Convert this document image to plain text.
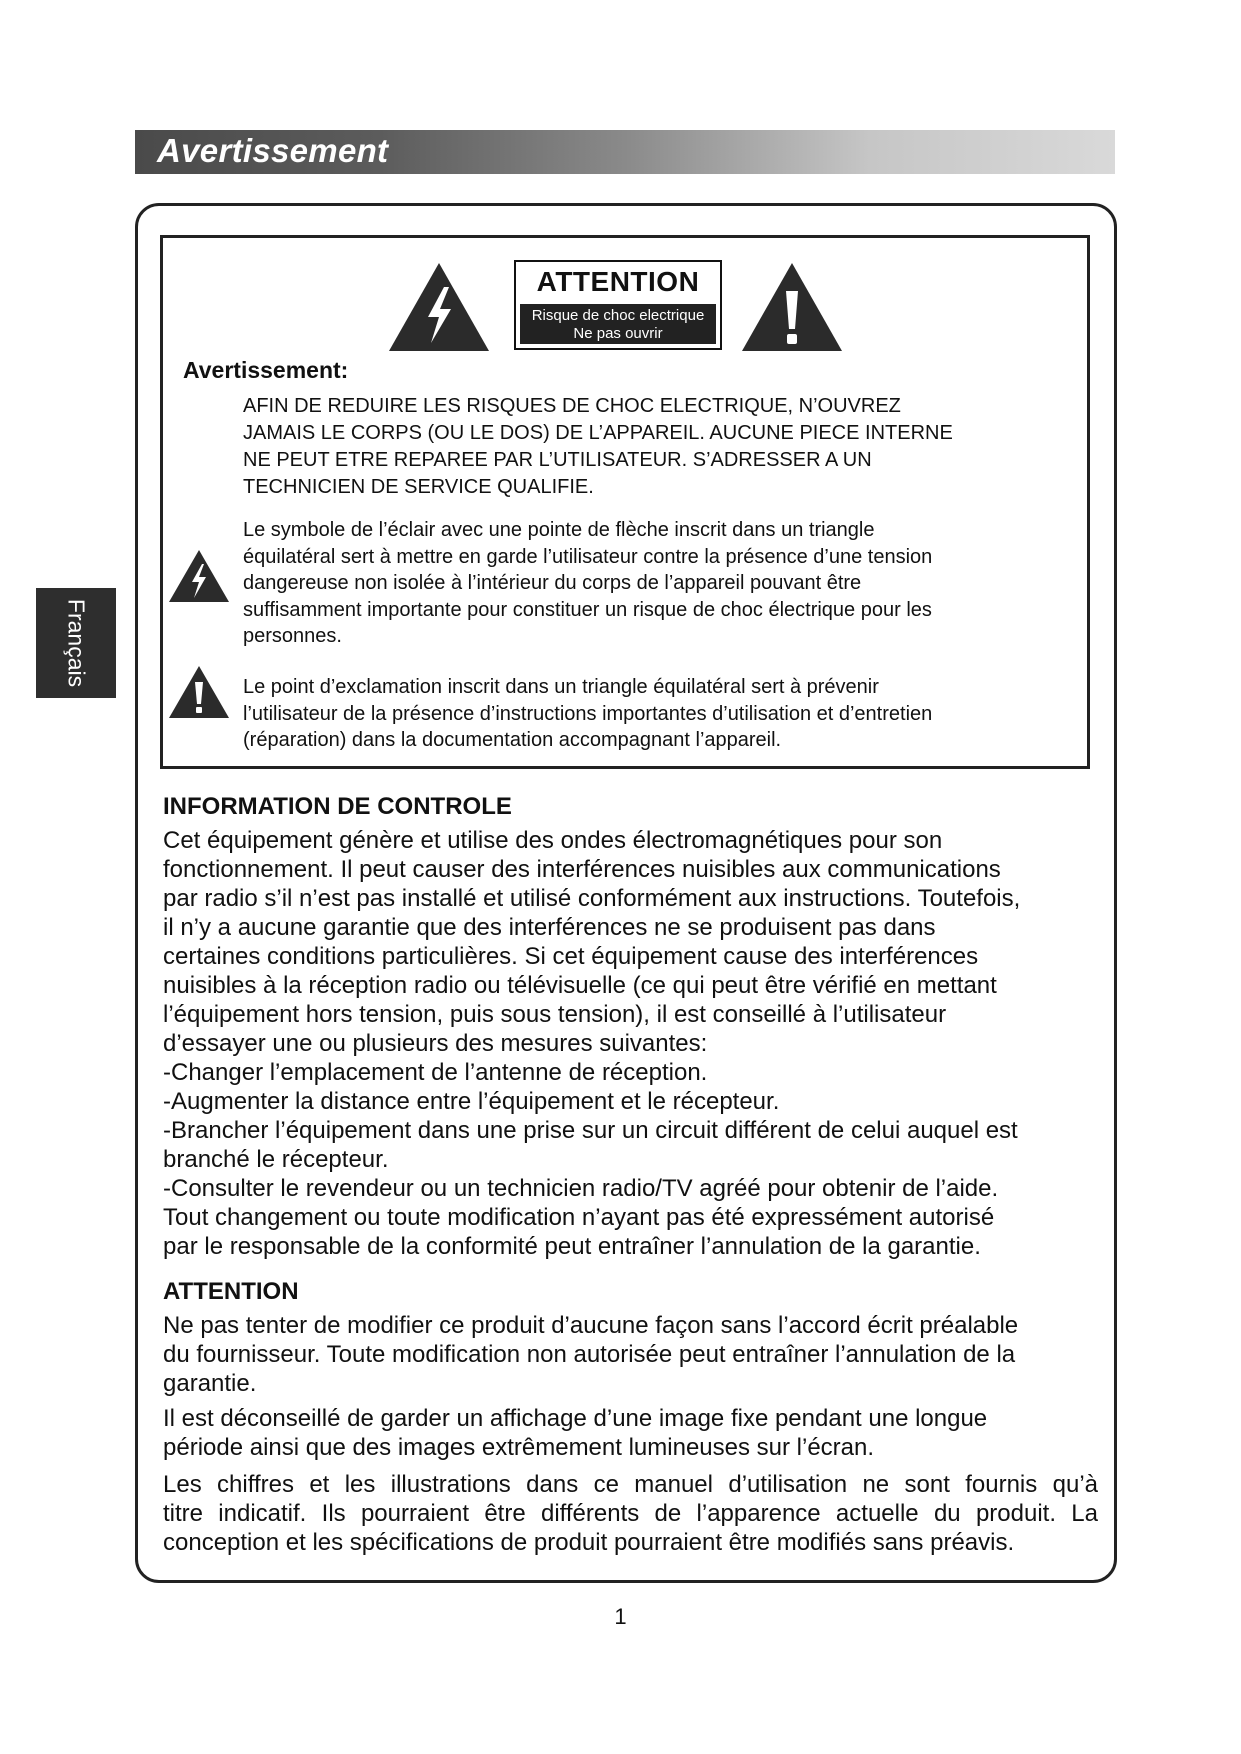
Avertissement
Français
ATTENTION
Risque de choc electrique
Ne pas ouvrir
Avertissement:
AFIN DE REDUIRE LES RISQUES DE CHOC ELECTRIQUE, N’OUVREZ
JAMAIS LE CORPS (OU LE DOS) DE L’APPAREIL. AUCUNE PIECE INTERNE
NE PEUT ETRE REPAREE PAR L’UTILISATEUR. S’ADRESSER A UN
TECHNICIEN DE SERVICE QUALIFIE.
Le symbole de l’éclair avec une pointe de flèche inscrit dans un triangle
équilatéral sert à mettre en garde l’utilisateur contre la présence d’une tension
dangereuse non isolée à l’intérieur du corps de l’appareil pouvant être
suffisamment importante pour constituer un risque de choc électrique pour les
personnes.
Le point d’exclamation inscrit dans un triangle équilatéral sert à prévenir
l’utilisateur de la présence d’instructions importantes d’utilisation et d’entretien
(réparation) dans la documentation accompagnant l’appareil.
INFORMATION DE CONTROLE
Cet équipement génère et utilise des ondes électromagnétiques pour son
fonctionnement. Il peut causer des interférences nuisibles aux communications
par radio s’il n’est pas installé et utilisé conformément aux instructions. Toutefois,
il n’y a aucune garantie que des interférences ne se produisent pas dans
certaines conditions particulières. Si cet équipement cause des interférences
nuisibles à la réception radio ou télévisuelle (ce qui peut être vérifié en mettant
l’équipement hors tension, puis sous tension), il est conseillé à l’utilisateur
d’essayer une ou plusieurs des mesures suivantes:
-Changer l’emplacement de l’antenne de réception.
-Augmenter la distance entre l’équipement et le récepteur.
-Brancher l’équipement dans une prise sur un circuit différent de celui auquel est
branché le récepteur.
-Consulter le revendeur ou un technicien radio/TV agréé pour obtenir de l’aide.
Tout changement ou toute modification n’ayant pas été expressément autorisé
par le responsable de la conformité peut entraîner l’annulation de la garantie.
ATTENTION
Ne pas tenter de modifier ce produit d’aucune façon sans l’accord écrit préalable
du fournisseur. Toute modification non autorisée peut entraîner l’annulation de la
garantie.
Il est déconseillé de garder un affichage d’une image fixe pendant une longue
période ainsi que des images extrêmement lumineuses sur l’écran.
Les chiffres et les illustrations dans ce manuel d’utilisation ne sont fournis qu’à
titre indicatif. Ils pourraient être différents de l’apparence actuelle du produit. La
conception et les spécifications de produit pourraient être modifiés sans préavis.
1
